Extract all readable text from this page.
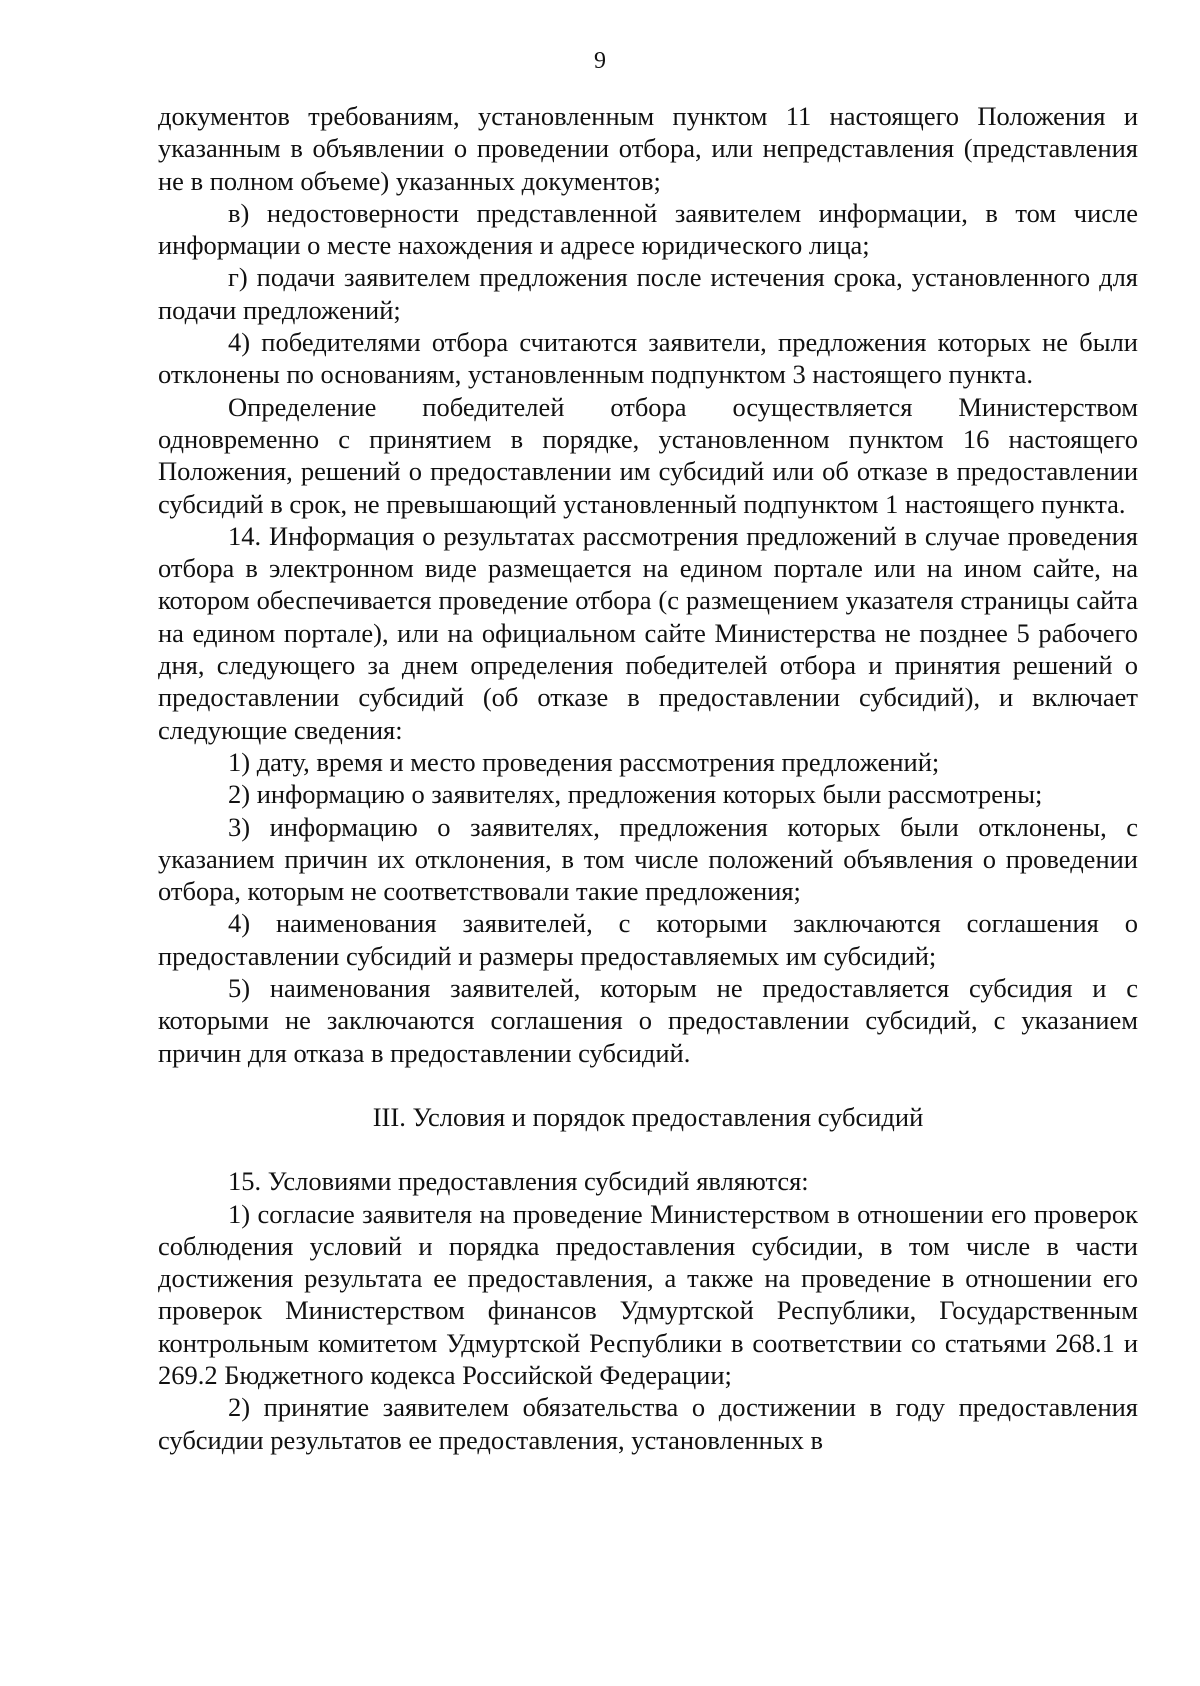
9

документов требованиям, установленным пунктом 11 настоящего Положения и указанным в объявлении о проведении отбора, или непредставления (представления не в полном объеме) указанных документов;

в) недостоверности представленной заявителем информации, в том числе информации о месте нахождения и адресе юридического лица;

г) подачи заявителем предложения после истечения срока, установленного для подачи предложений;

4) победителями отбора считаются заявители, предложения которых не были отклонены по основаниям, установленным подпунктом 3 настоящего пункта.

Определение победителей отбора осуществляется Министерством одновременно с принятием в порядке, установленном пунктом 16 настоящего Положения, решений о предоставлении им субсидий или об отказе в предоставлении субсидий в срок, не превышающий установленный подпунктом 1 настоящего пункта.

14. Информация о результатах рассмотрения предложений в случае проведения отбора в электронном виде размещается на едином портале или на ином сайте, на котором обеспечивается проведение отбора (с размещением указателя страницы сайта на едином портале), или на официальном сайте Министерства не позднее 5 рабочего дня, следующего за днем определения победителей отбора и принятия решений о предоставлении субсидий (об отказе в предоставлении субсидий), и включает следующие сведения:

1) дату, время и место проведения рассмотрения предложений;

2) информацию о заявителях, предложения которых были рассмотрены;

3) информацию о заявителях, предложения которых были отклонены, с указанием причин их отклонения, в том числе положений объявления о проведении отбора, которым не соответствовали такие предложения;

4) наименования заявителей, с которыми заключаются соглашения о предоставлении субсидий и размеры предоставляемых им субсидий;

5) наименования заявителей, которым не предоставляется субсидия и с которыми не заключаются соглашения о предоставлении субсидий, с указанием причин для отказа в предоставлении субсидий.

III. Условия и порядок предоставления субсидий

15. Условиями предоставления субсидий являются:

1) согласие заявителя на проведение Министерством в отношении его проверок соблюдения условий и порядка предоставления субсидии, в том числе в части достижения результата ее предоставления, а также на проведение в отношении его проверок Министерством финансов Удмуртской Республики, Государственным контрольным комитетом Удмуртской Республики в соответствии со статьями 268.1 и 269.2 Бюджетного кодекса Российской Федерации;

2) принятие заявителем обязательства о достижении в году предоставления субсидии результатов ее предоставления, установленных в
